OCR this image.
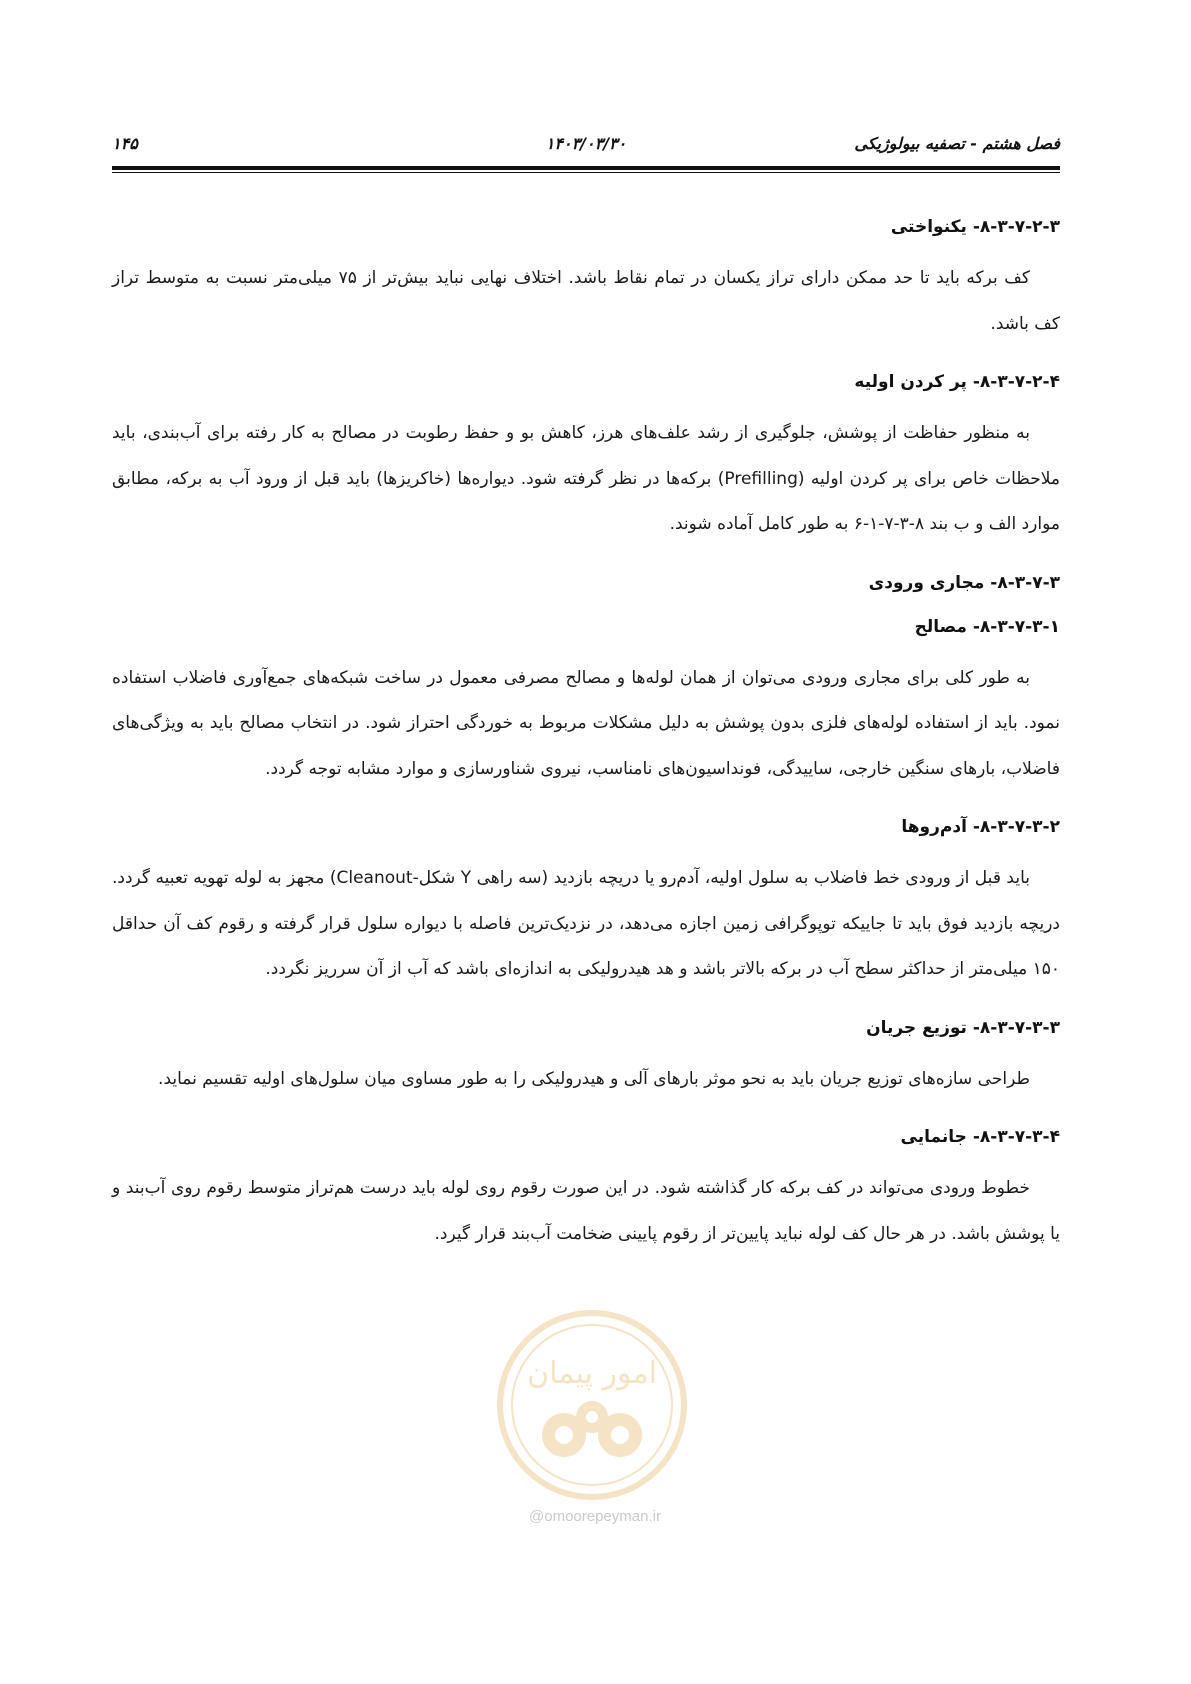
فصل هشتم - تصفیه بیولوژیکی
۱۴۰۳/۰۳/۳۰
۱۴۵
۸-۳-۷-۲-۳- یکنواختی

کف برکه باید تا حد ممکن دارای تراز یکسان در تمام نقاط باشد. اختلاف نهایی نباید بیش‌تر از ۷۵ میلی‌متر نسبت به متوسط تراز کف باشد.

۸-۳-۷-۲-۴- پر کردن اولیه

به منظور حفاظت از پوشش، جلوگیری از رشد علف‌های هرز، کاهش بو و حفظ رطوبت در مصالح به کار رفته برای آب‌بندی، باید ملاحظات خاص برای پر کردن اولیه (Prefilling) برکه‌ها در نظر گرفته شود. دیواره‌ها (خاکریزها) باید قبل از ورود آب به برکه، مطابق موارد الف و ب بند ۸-۳-۷-۱-۶ به طور کامل آماده شوند.

۸-۳-۷-۳- مجاری ورودی
۸-۳-۷-۳-۱- مصالح

به طور کلی برای مجاری ورودی می‌توان از همان لوله‌ها و مصالح مصرفی معمول در ساخت شبکه‌های جمع‌آوری فاضلاب استفاده نمود. باید از استفاده لوله‌های فلزی بدون پوشش به دلیل مشکلات مربوط به خوردگی احتراز شود. در انتخاب مصالح باید به ویژگی‌های فاضلاب، بارهای سنگین خارجی، ساییدگی، فونداسیون‌های نامناسب، نیروی شناورسازی و موارد مشابه توجه گردد.

۸-۳-۷-۳-۲- آدم‌روها

باید قبل از ورودی خط فاضلاب به سلول اولیه، آدم‌رو یا دریچه بازدید (سه راهی Y شکل-Cleanout) مجهز به لوله تهویه تعبیه گردد. دریچه بازدید فوق باید تا جاییکه توپوگرافی زمین اجازه می‌دهد، در نزدیک‌ترین فاصله با دیواره سلول قرار گرفته و رقوم کف آن حداقل ۱۵۰ میلی‌متر از حداکثر سطح آب در برکه بالاتر باشد و هد هیدرولیکی به اندازه‌ای باشد که آب از آن سرریز نگردد.

۸-۳-۷-۳-۳- توزیع جریان

طراحی سازه‌های توزیع جریان باید به نحو موثر بارهای آلی و هیدرولیکی را به طور مساوی میان سلول‌های اولیه تقسیم نماید.

۸-۳-۷-۳-۴- جانمایی

خطوط ورودی می‌تواند در کف برکه کار گذاشته شود. در این صورت رقوم روی لوله باید درست هم‌تراز متوسط رقوم روی آب‌بند و یا پوشش باشد. در هر حال کف لوله نباید پایین‌تر از رقوم پایینی ضخامت آب‌بند قرار گیرد.

امور پیمان
@omoorepeyman.ir
